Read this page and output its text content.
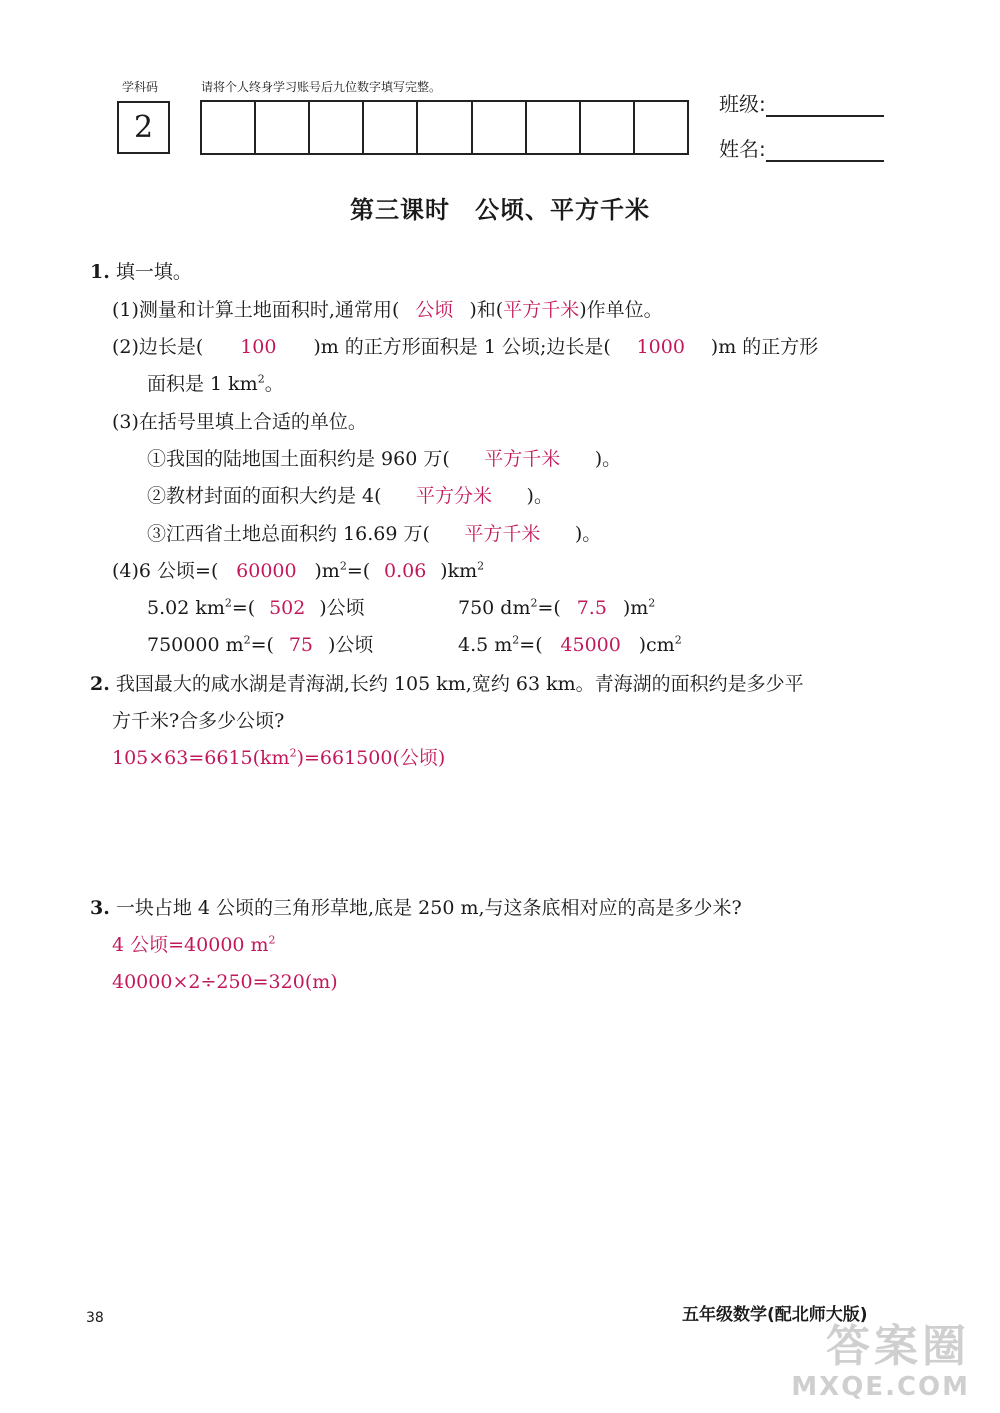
学科码	请将个人终身学习账号后九位数字填写完整。
2
班级:
姓名:
第三课时　公顷、平方千米
1. 填一填。
(1)测量和计算土地面积时,通常用( 公顷 )和(平方千米)作单位。
(2)边长是( 100 )m 的正方形面积是 1 公顷;边长是( 1000 )m 的正方形
面积是 1 $km^2$。
(3)在括号里填上合适的单位。
①我国的陆地国土面积约是 960 万( 平方千米 )。
②教材封面的面积大约是 4( 平方分米 )。
③江西省土地总面积约 16.69 万( 平方千米 )。
(4)6 公顷=( 60000 )$m^2=$( 0.06 )$km^2$
5.02 $km^2=$( 502 )公顷	750 $dm^2=$( 7.5 )$m^2$
750000 $m^2=$( 75 )公顷	4.5 $m^2=$( 45000 )$cm^2$
2. 我国最大的咸水湖是青海湖,长约 105 km,宽约 63 km。青海湖的面积约是多少平
方千米?合多少公顷?
$105\times 63=6615(km^2)=661500$(公顷)
3. 一块占地 4 公顷的三角形草地,底是 250 m,与这条底相对应的高是多少米?
4 公顷=40000 $m^2$
40000×2÷250=320(m)
38	五年级数学(配北师大版)
答案圈
MXQE.COM
